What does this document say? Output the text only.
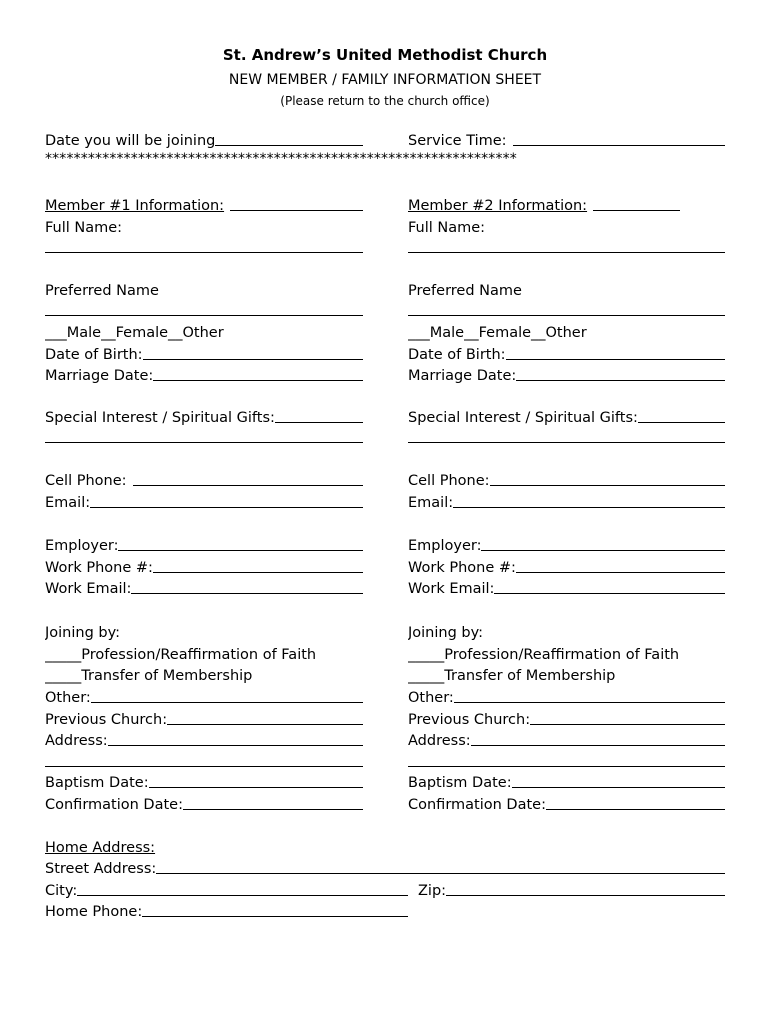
St. Andrew’s United Methodist Church
NEW MEMBER / FAMILY INFORMATION SHEET
(Please return to the church office)
Date you will be joining	Service Time:
******************************************************************
Member #1 Information:
Full Name:
Preferred Name
___ Male__Female__Other
Date of Birth:
Marriage Date:
Special Interest / Spiritual Gifts:
Cell Phone:
Email:
Employer:
Work Phone #:
Work Email:
Joining by:
_____ Profession/Reaffirmation of Faith
_____ Transfer of Membership
Other:
Previous Church:
Address:
Baptism Date:
Confirmation Date:
Member #2 Information:
Full Name:
Preferred Name
___ Male__Female__Other
Date of Birth:
Marriage Date:
Special Interest / Spiritual Gifts:
Cell Phone:
Email:
Employer:
Work Phone #:
Work Email:
Joining by:
_____ Profession/Reaffirmation of Faith
_____ Transfer of Membership
Other:
Previous Church:
Address:
Baptism Date:
Confirmation Date:
Home Address:
Street Address:
City:	Zip:
Home Phone:
